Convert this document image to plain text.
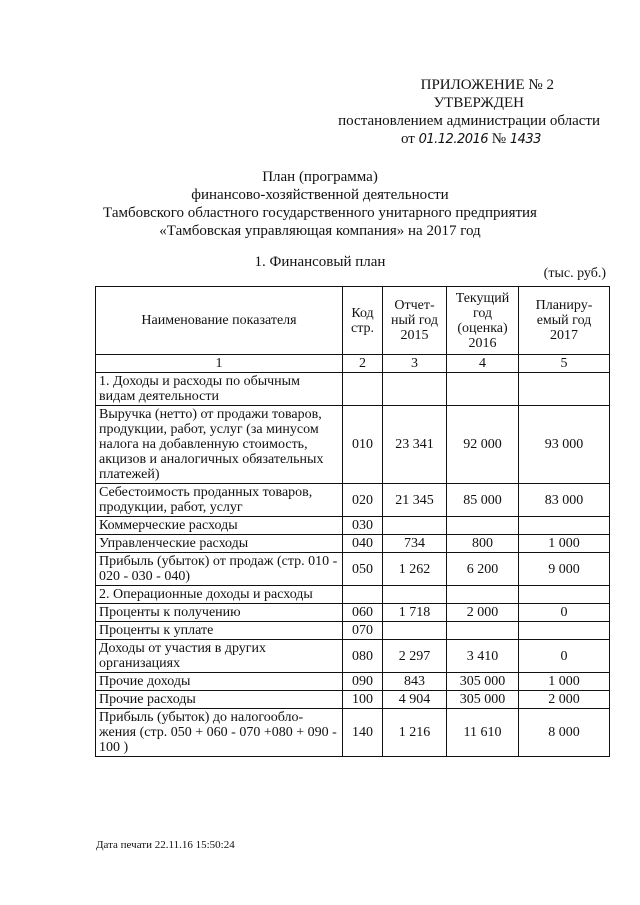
ПРИЛОЖЕНИЕ № 2
УТВЕРЖДЕН
постановлением администрации области
от 01.12.2016 № 1433
План (программа)
финансово-хозяйственной деятельности
Тамбовского областного государственного унитарного предприятия
«Тамбовская управляющая компания» на 2017 год
1. Финансовый план
(тыс. руб.)
Наименование показателя	Код стр.	Отчет-ный год 2015	Текущий год (оценка) 2016	Планиру-емый год 2017
1	2	3	4	5
1. Доходы и расходы по обычным видам деятельности				
Выручка (нетто) от продажи товаров, продукции, работ, услуг (за минусом налога на добавленную стоимость, акцизов и аналогичных обязательных платежей)	010	23 341	92 000	93 000
Себестоимость проданных товаров, продукции, работ, услуг	020	21 345	85 000	83 000
Коммерческие расходы	030			
Управленческие расходы	040	734	800	1 000
Прибыль (убыток) от продаж (стр. 010 - 020 - 030 - 040)	050	1 262	6 200	9 000
2. Операционные доходы и расходы				
Проценты к получению	060	1 718	2 000	0
Проценты к уплате	070			
Доходы от участия в других организациях	080	2 297	3 410	0
Прочие доходы	090	843	305 000	1 000
Прочие расходы	100	4 904	305 000	2 000
Прибыль (убыток) до налогообло-жения (стр. 050 + 060 - 070 +080 + 090 - 100 )	140	1 216	11 610	8 000
Дата печати 22.11.16 15:50:24
